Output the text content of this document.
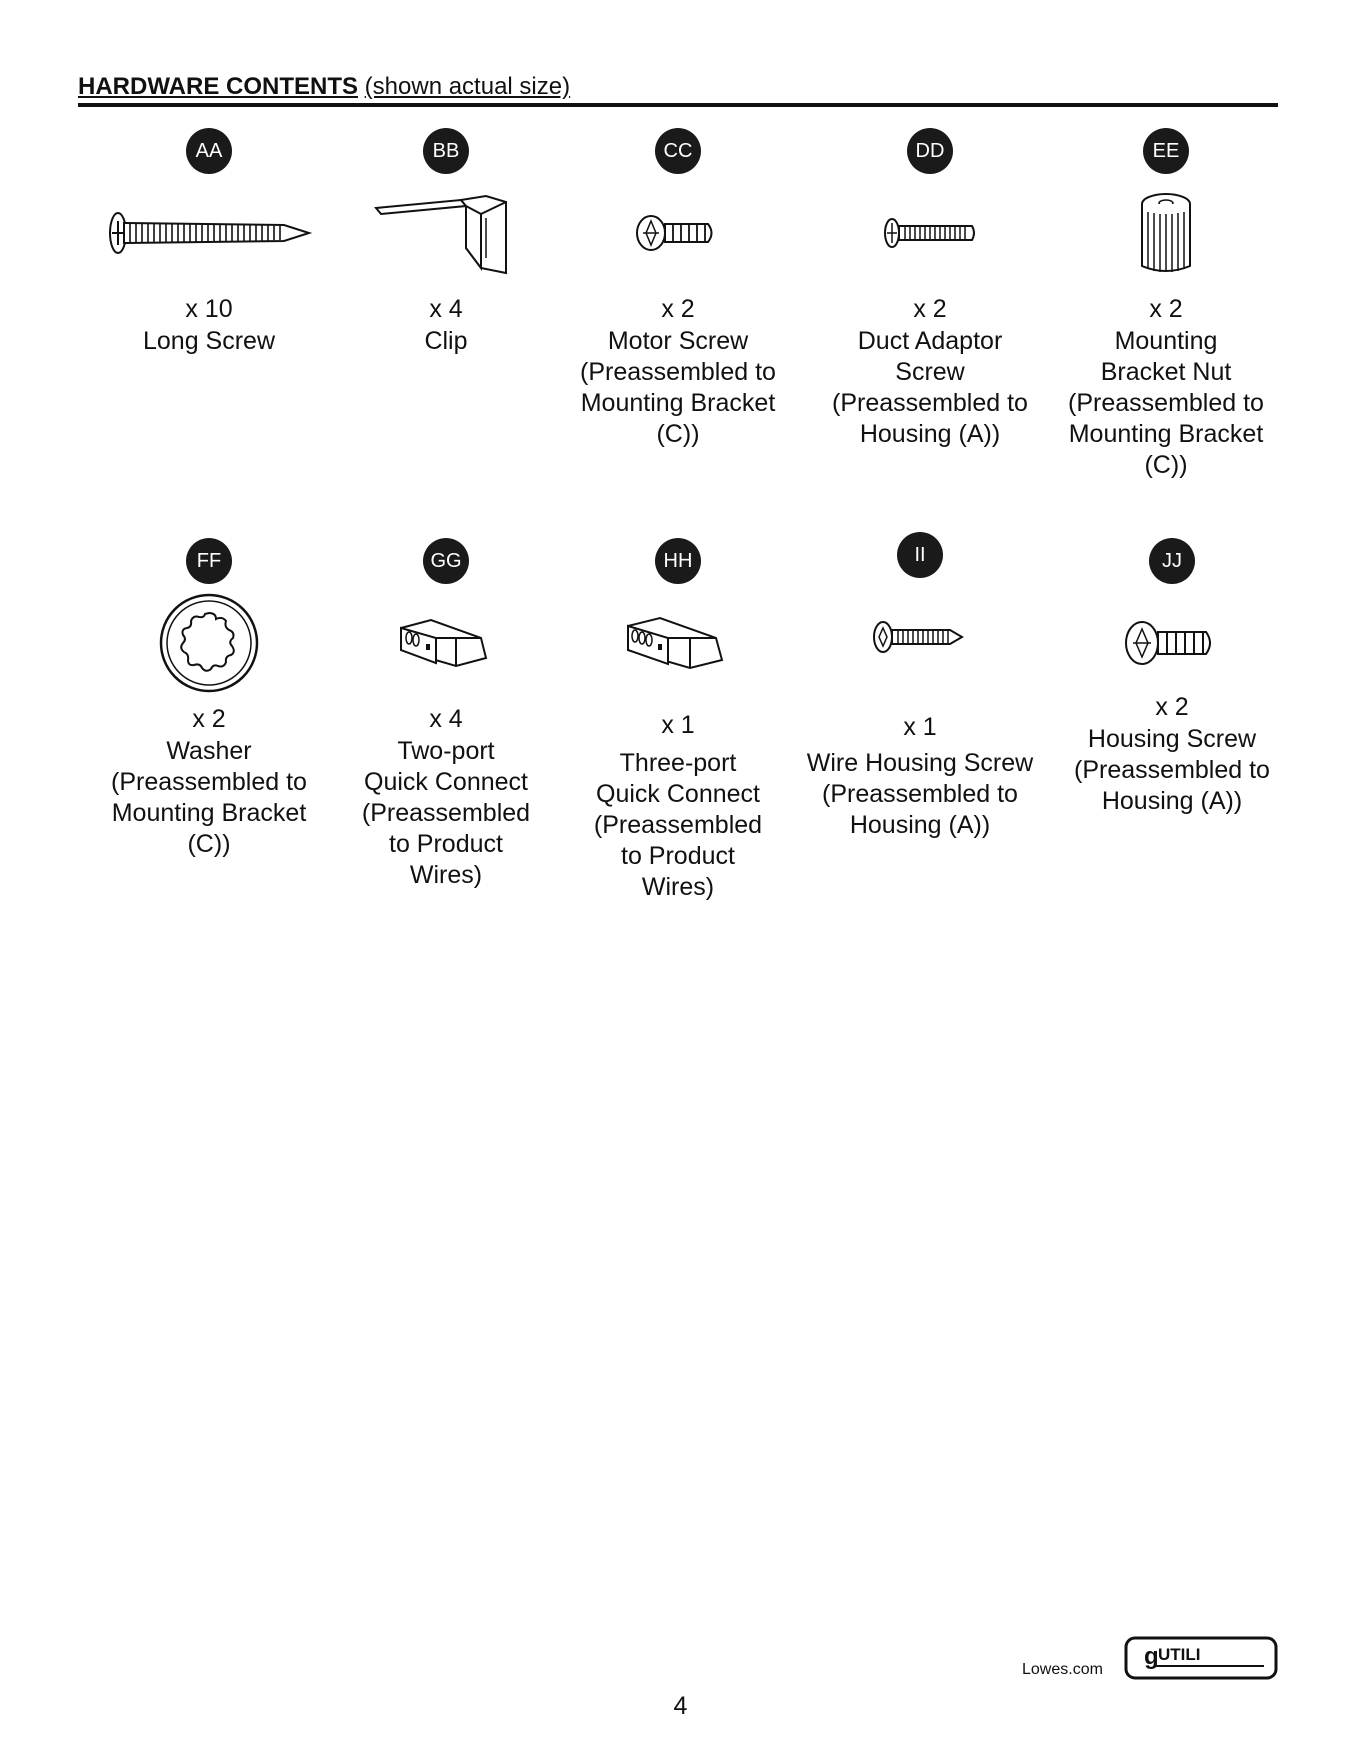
HARDWARE CONTENTS (shown actual size)
AA
x 10
Long Screw
BB
x 4
Clip
CC
x 2
Motor Screw
(Preassembled to
Mounting Bracket
(C))
DD
x 2
Duct Adaptor
Screw
(Preassembled to
Housing (A))
EE
x 2
Mounting
Bracket Nut
(Preassembled to
Mounting Bracket
(C))
FF
x 2
Washer
(Preassembled to
Mounting Bracket
(C))
GG
x 4
Two-port
Quick Connect
(Preassembled
to Product
Wires)
HH
x 1
Three-port
Quick Connect
(Preassembled
to Product
Wires)
II
x 1
Wire Housing Screw
(Preassembled to
Housing (A))
JJ
x 2
Housing Screw
(Preassembled to
Housing (A))
Lowes.com g UTILI
4
